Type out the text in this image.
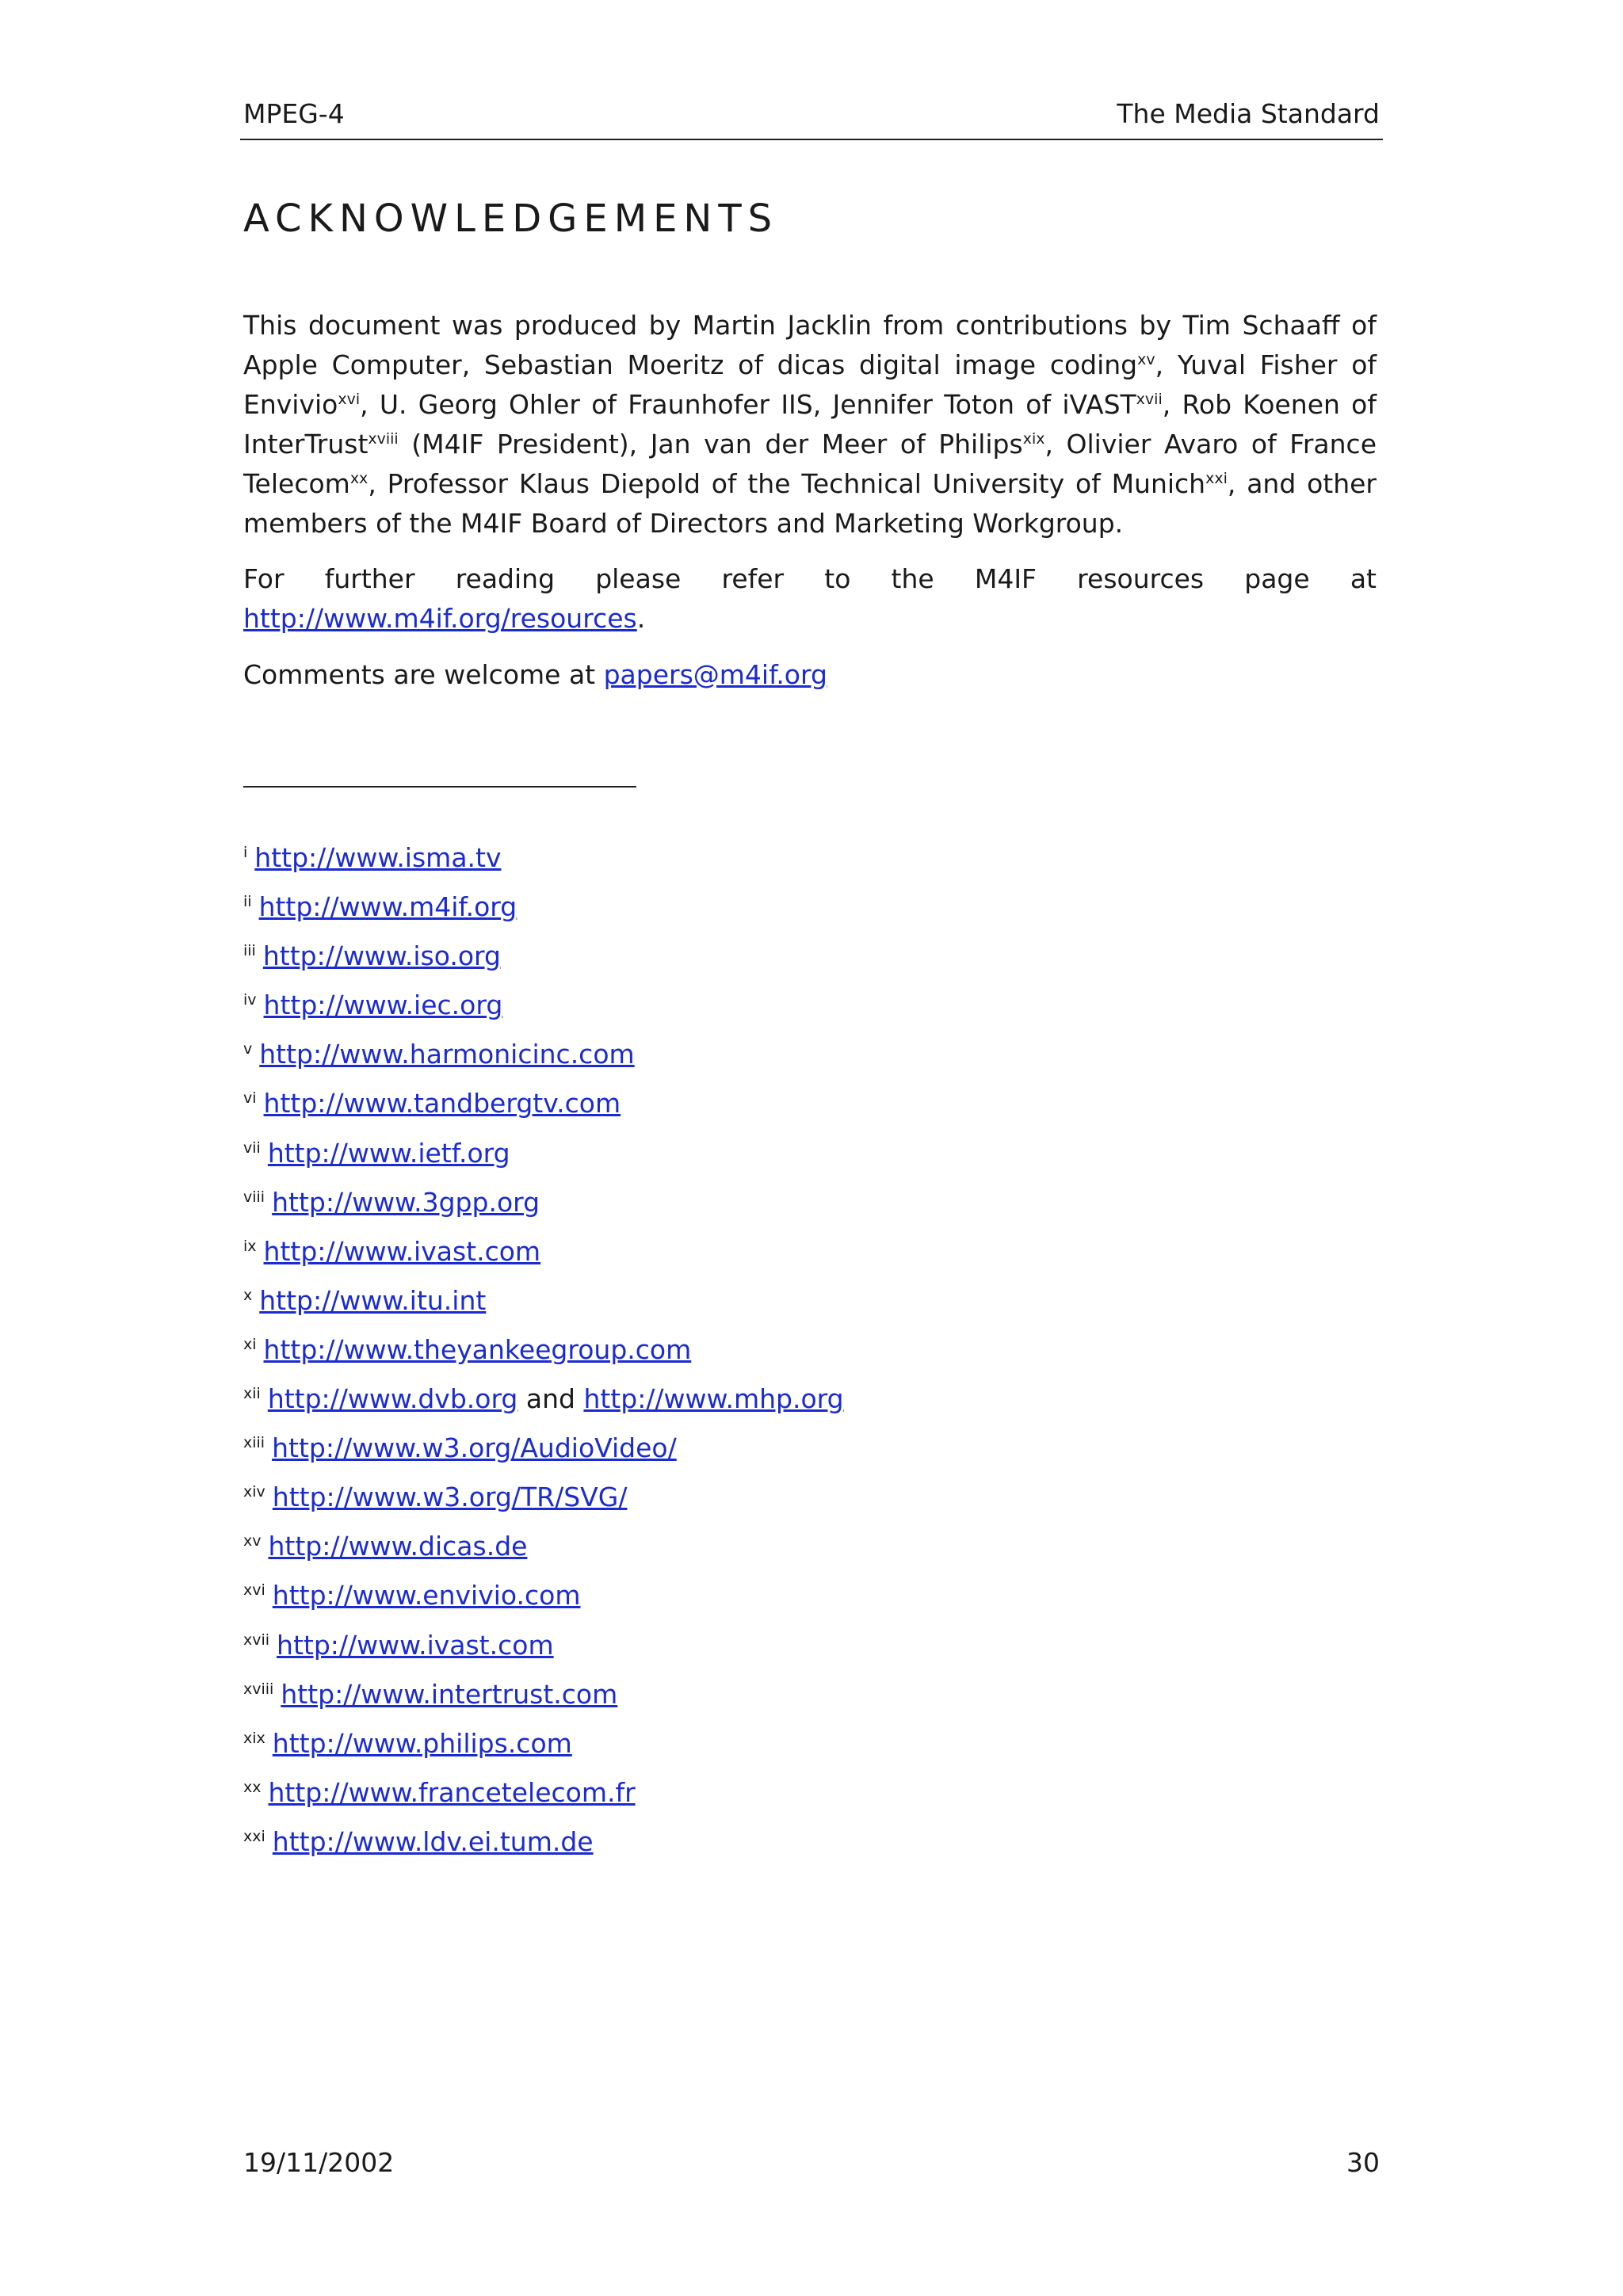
MPEG-4	The Media Standard
ACKNOWLEDGEMENTS

This document was produced by Martin Jacklin from contributions by Tim Schaaff of Apple Computer, Sebastian Moeritz of dicas digital image coding$^{xv}$, Yuval Fisher of Envivio$^{xvi}$, U. Georg Ohler of Fraunhofer IIS, Jennifer Toton of iVAST$^{xvii}$, Rob Koenen of InterTrust$^{xviii}$ (M4IF President), Jan van der Meer of Philips$^{xix}$, Olivier Avaro of France Telecom$^{xx}$, Professor Klaus Diepold of the Technical University of Munich$^{xxi}$, and other members of the M4IF Board of Directors and Marketing Workgroup.

For further reading please refer to the M4IF resources page at

http://www.m4if.org/resources.

Comments are welcome at papers@m4if.org

$^i$ http://www.isma.tv
$^{ii}$ http://www.m4if.org
$^{iii}$ http://www.iso.org
$^{iv}$ http://www.iec.org
$^v$ http://www.harmonicinc.com
$^{vi}$ http://www.tandbergtv.com
$^{vii}$ http://www.ietf.org
$^{viii}$ http://www.3gpp.org
$^{ix}$ http://www.ivast.com
$^x$ http://www.itu.int
$^{xi}$ http://www.theyankeegroup.com
$^{xii}$ http://www.dvb.org and http://www.mhp.org
$^{xiii}$ http://www.w3.org/AudioVideo/
$^{xiv}$ http://www.w3.org/TR/SVG/
$^{xv}$ http://www.dicas.de
$^{xvi}$ http://www.envivio.com
$^{xvii}$ http://www.ivast.com
$^{xviii}$ http://www.intertrust.com
$^{xix}$ http://www.philips.com
$^{xx}$ http://www.francetelecom.fr
$^{xxi}$ http://www.ldv.ei.tum.de
19/11/2002	30
